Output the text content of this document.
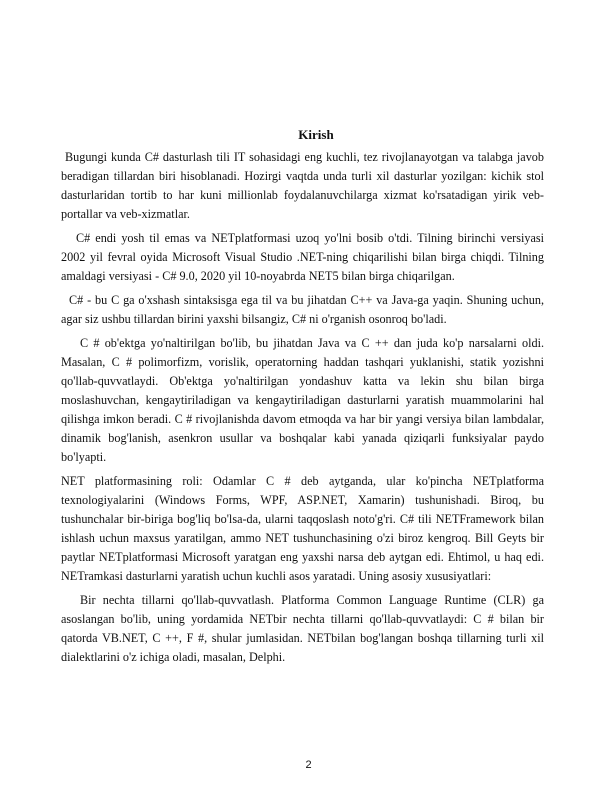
Kirish

Bugungi kunda C# dasturlash tili IT sohasidagi eng kuchli, tez rivojlanayotgan va talabga javob beradigan tillardan biri hisoblanadi. Hozirgi vaqtda unda turli xil dasturlar yozilgan: kichik stol dasturlaridan tortib to har kuni millionlab foydalanuvchilarga xizmat ko'rsatadigan yirik veb-portallar va veb-xizmatlar.

C# endi yosh til emas va NETplatformasi uzoq yo'lni bosib o'tdi. Tilning birinchi versiyasi 2002 yil fevral oyida Microsoft Visual Studio .NET-ning chiqarilishi bilan birga chiqdi. Tilning amaldagi versiyasi - C# 9.0, 2020 yil 10-noyabrda NET5 bilan birga chiqarilgan.

C# - bu C ga o'xshash sintaksisga ega til va bu jihatdan C++ va Java-ga yaqin. Shuning uchun, agar siz ushbu tillardan birini yaxshi bilsangiz, C# ni o'rganish osonroq bo'ladi.

C # ob'ektga yo'naltirilgan bo'lib, bu jihatdan Java va C ++ dan juda ko'p narsalarni oldi. Masalan, C # polimorfizm, vorislik, operatorning haddan tashqari yuklanishi, statik yozishni qo'llab-quvvatlaydi. Ob'ektga yo'naltirilgan yondashuv katta va lekin shu bilan birga moslashuvchan, kengaytiriladigan va kengaytiriladigan dasturlarni yaratish muammolarini hal qilishga imkon beradi. C # rivojlanishda davom etmoqda va har bir yangi versiya bilan lambdalar, dinamik bog'lanish, asenkron usullar va boshqalar kabi yanada qiziqarli funksiyalar paydo bo'lyapti.

NET platformasining roli: Odamlar C # deb aytganda, ular ko'pincha NETplatforma texnologiyalarini (Windows Forms, WPF, ASP.NET, Xamarin) tushunishadi. Biroq, bu tushunchalar bir-biriga bog'liq bo'lsa-da, ularni taqqoslash noto'g'ri. C# tili NETFramework bilan ishlash uchun maxsus yaratilgan, ammo NET tushunchasining o'zi biroz kengroq. Bill Geyts bir paytlar NETplatformasi Microsoft yaratgan eng yaxshi narsa deb aytgan edi. Ehtimol, u haq edi. NETramkasi dasturlarni yaratish uchun kuchli asos yaratadi. Uning asosiy xususiyatlari:

Bir nechta tillarni qo'llab-quvvatlash. Platforma Common Language Runtime (CLR) ga asoslangan bo'lib, uning yordamida NETbir nechta tillarni qo'llab-quvvatlaydi: C # bilan bir qatorda VB.NET, C ++, F #, shular jumlasidan. NETbilan bog'langan boshqa tillarning turli xil dialektlarini o'z ichiga oladi, masalan, Delphi.

2
